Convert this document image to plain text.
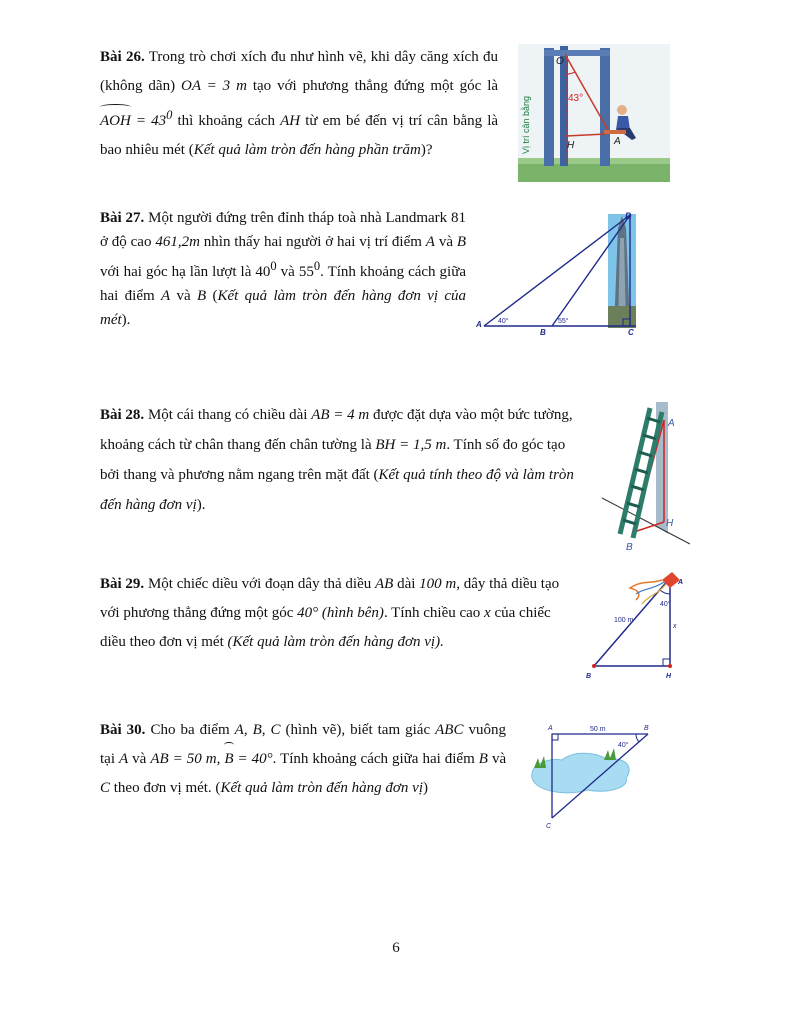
Bài 26. Trong trò chơi xích đu như hình vẽ, khi dây căng xích đu (không dãn) OA = 3 m tạo với phương thẳng đứng một góc là AOH = $43^0$ thì khoảng cách AH từ em bé đến vị trí cân bằng là bao nhiêu mét (Kết quả làm tròn đến hàng phần trăm)?	Vị trí cân bằng
O
43°
H	A

Bài 27. Một người đứng trên đỉnh tháp toà nhà Landmark 81 ở độ cao 461,2m nhìn thấy hai người ở hai vị trí điểm A và B với hai góc hạ lần lượt là $40^0$ và $55^0$. Tính khoảng cách giữa hai điểm A và B (Kết quả làm tròn đến hàng đơn vị của mét).

D
A
B	C
40°	55°

Bài 28. Một cái thang có chiều dài AB = 4 m được đặt dựa vào một bức tường, khoảng cách từ chân thang đến chân tường là BH = 1,5 m. Tính số đo góc tạo bởi thang và phương nằm ngang trên mặt đất (Kết quả tính theo độ và làm tròn đến hàng đơn vị).

A
H
B

Bài 29. Một chiếc diều với đoạn dây thả diều AB dài 100 m, dây thả diều tạo với phương thẳng đứng một góc 40° (hình bên). Tính chiều cao x của chiếc diều theo đơn vị mét (Kết quả làm tròn đến hàng đơn vị).

A
B	H
40°
100 m
x

Bài 30. Cho ba điểm A, B, C (hình vẽ), biết tam giác ABC vuông tại A và AB = 50 m, B = 40°. Tính khoảng cách giữa hai điểm B và C theo đơn vị mét. (Kết quả làm tròn đến hàng đơn vị)

A	B
C
50 m
40°
6
